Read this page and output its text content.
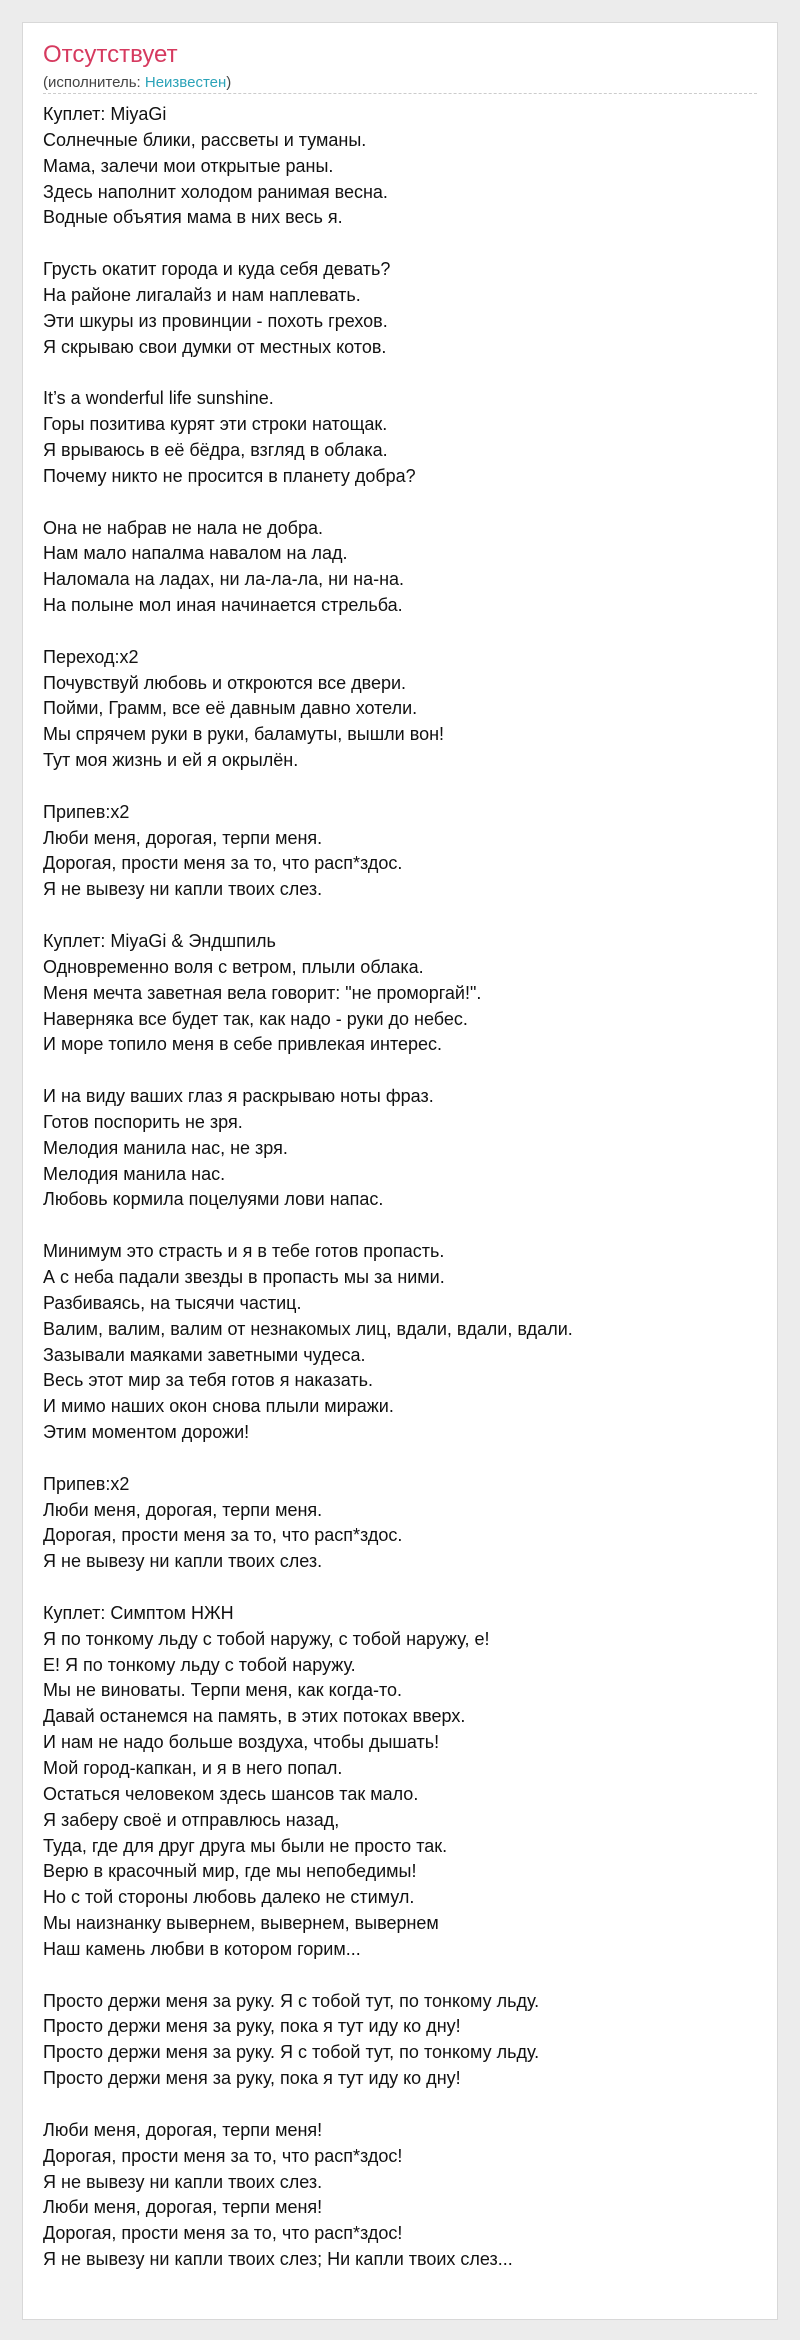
Отсутствует
(исполнитель: Неизвестен)
Куплет: MiyaGi
Солнечные блики, рассветы и туманы.
Мама, залечи мои открытые раны.
Здесь наполнит холодом ранимая весна.
Водные объятия мама в них весь я.
Грусть окатит города и куда себя девать?
На районе лигалайз и нам наплевать.
Эти шкуры из провинции - похоть грехов.
Я скрываю свои думки от местных котов.
It’s a wonderful life sunshine.
Горы позитива курят эти строки натощак.
Я врываюсь в её бёдра, взгляд в облака.
Почему никто не просится в планету добра?
Она не набрав не нала не добра.
Нам мало напалма навалом на лад.
Наломала на ладах, ни ла-ла-ла, ни на-на.
На полыне мол иная начинается стрельба.
Переход:x2
Почувствуй любовь и откроются все двери.
Пойми, Грамм, все её давным давно хотели.
Мы спрячем руки в руки, баламуты, вышли вон!
Тут моя жизнь и ей я окрылён.
Припев:x2
Люби меня, дорогая, терпи меня.
Дорогая, прости меня за то, что расп*здос.
Я не вывезу ни капли твоих слез.
Куплет: MiyaGi & Эндшпиль
Одновременно воля с ветром, плыли облака.
Меня мечта заветная вела говорит: "не проморгай!".
Наверняка все будет так, как надо - руки до небес.
И море топило меня в себе привлекая интерес.
И на виду ваших глаз я раскрываю ноты фраз.
Готов поспорить не зря.
Мелодия манила нас, не зря.
Мелодия манила нас.
Любовь кормила поцелуями лови напас.
Минимум это страсть и я в тебе готов пропасть.
А с неба падали звезды в пропасть мы за ними.
Разбиваясь, на тысячи частиц.
Валим, валим, валим от незнакомых лиц, вдали, вдали, вдали.
Зазывали маяками заветными чудеса.
Весь этот мир за тебя готов я наказать.
И мимо наших окон снова плыли миражи.
Этим моментом дорожи!
Припев:x2
Люби меня, дорогая, терпи меня.
Дорогая, прости меня за то, что расп*здос.
Я не вывезу ни капли твоих слез.
Куплет: Симптом НЖН
Я по тонкому льду с тобой наружу, с тобой наружу, е!
Е! Я по тонкому льду с тобой наружу.
Мы не виноваты. Терпи меня, как когда-то.
Давай останемся на память, в этих потоках вверх.
И нам не надо больше воздуха, чтобы дышать!
Мой город-капкан, и я в него попал.
Остаться человеком здесь шансов так мало.
Я заберу своё и отправлюсь назад,
Туда, где для друг друга мы были не просто так.
Верю в красочный мир, где мы непобедимы!
Но с той стороны любовь далеко не стимул.
Мы наизнанку вывернем, вывернем, вывернем
Наш камень любви в котором горим...
Просто держи меня за руку. Я с тобой тут, по тонкому льду.
Просто держи меня за руку, пока я тут иду ко дну!
Просто держи меня за руку. Я с тобой тут, по тонкому льду.
Просто держи меня за руку, пока я тут иду ко дну!
Люби меня, дорогая, терпи меня!
Дорогая, прости меня за то, что расп*здос!
Я не вывезу ни капли твоих слез.
Люби меня, дорогая, терпи меня!
Дорогая, прости меня за то, что расп*здос!
Я не вывезу ни капли твоих слез; Ни капли твоих слез...
